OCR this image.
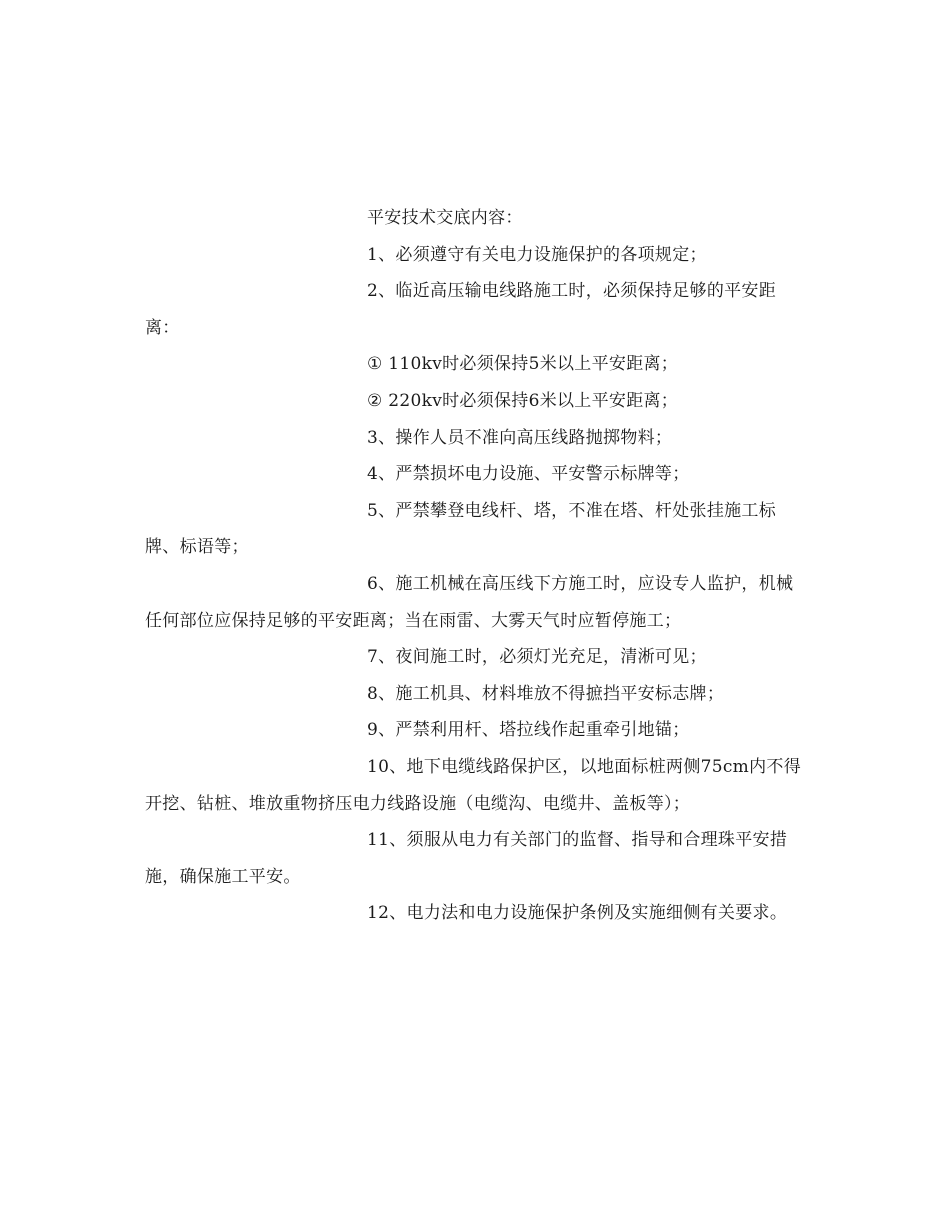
平安技术交底内容：

1、必须遵守有关电力设施保护的各项规定；

2、临近高压输电线路施工时，必须保持足够的平安距离：

① 110kv时必须保持5米以上平安距离；

② 220kv时必须保持6米以上平安距离；

3、操作人员不准向高压线路抛掷物料；

4、严禁损坏电力设施、平安警示标牌等；

5、严禁攀登电线杆、塔，不准在塔、杆处张挂施工标牌、标语等；

6、施工机械在高压线下方施工时，应设专人监护，机械任何部位应保持足够的平安距离；当在雨雷、大雾天气时应暂停施工；

7、夜间施工时，必须灯光充足，清淅可见；

8、施工机具、材料堆放不得摭挡平安标志牌；

9、严禁利用杆、塔拉线作起重牵引地锚；

10、地下电缆线路保护区，以地面标桩两侧75cm内不得开挖、钻桩、堆放重物挤压电力线路设施（电缆沟、电缆井、盖板等）；

11、须服从电力有关部门的监督、指导和合理珠平安措施，确保施工平安。

12、电力法和电力设施保护条例及实施细侧有关要求。
